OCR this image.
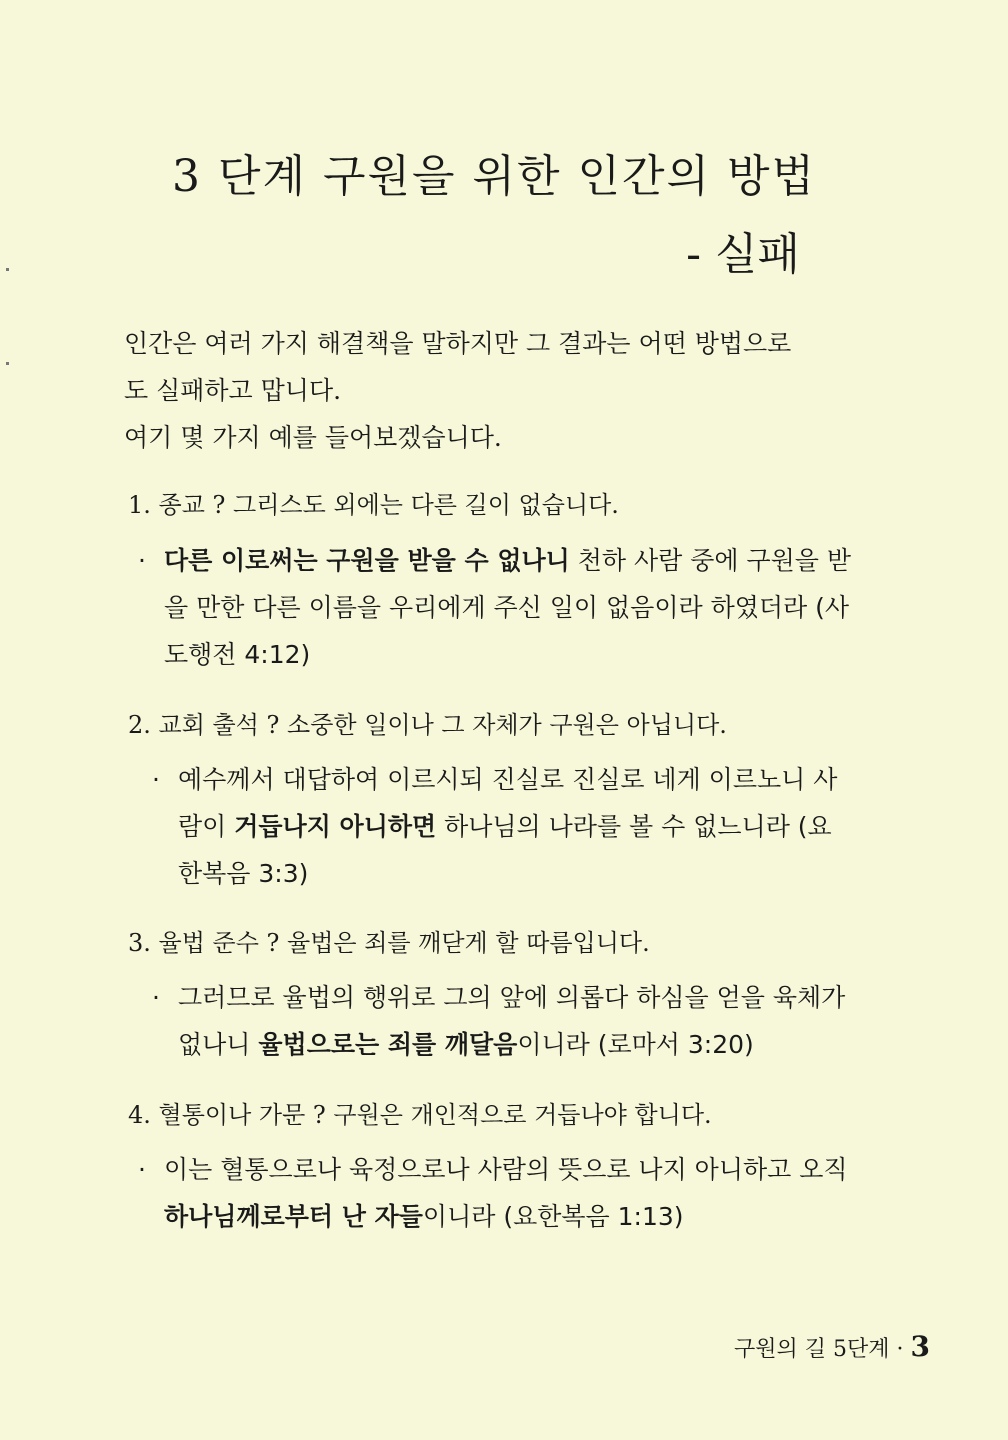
3 단계 구원을 위한 인간의 방법
- 실패

인간은 여러 가지 해결책을 말하지만 그 결과는 어떤 방법으로

도 실패하고 맙니다.

여기 몇 가지 예를 들어보겠습니다.

1. 종교 ? 그리스도 외에는 다른 길이 없습니다.
· 다른 이로써는 구원을 받을 수 없나니 천하 사람 중에 구원을 받을 만한 다른 이름을 우리에게 주신 일이 없음이라 하였더라 (사도행전 4:12)
2. 교회 출석 ? 소중한 일이나 그 자체가 구원은 아닙니다.
· 예수께서 대답하여 이르시되 진실로 진실로 네게 이르노니 사람이 거듭나지 아니하면 하나님의 나라를 볼 수 없느니라 (요한복음 3:3)
3. 율법 준수 ? 율법은 죄를 깨닫게 할 따름입니다.
· 그러므로 율법의 행위로 그의 앞에 의롭다 하심을 얻을 육체가 없나니 율법으로는 죄를 깨달음이니라 (로마서 3:20)
4. 혈통이나 가문 ? 구원은 개인적으로 거듭나야 합니다.
· 이는 혈통으로나 육정으로나 사람의 뜻으로 나지 아니하고 오직 하나님께로부터 난 자들이니라 (요한복음 1:13)
구원의 길 5단계 · 3
